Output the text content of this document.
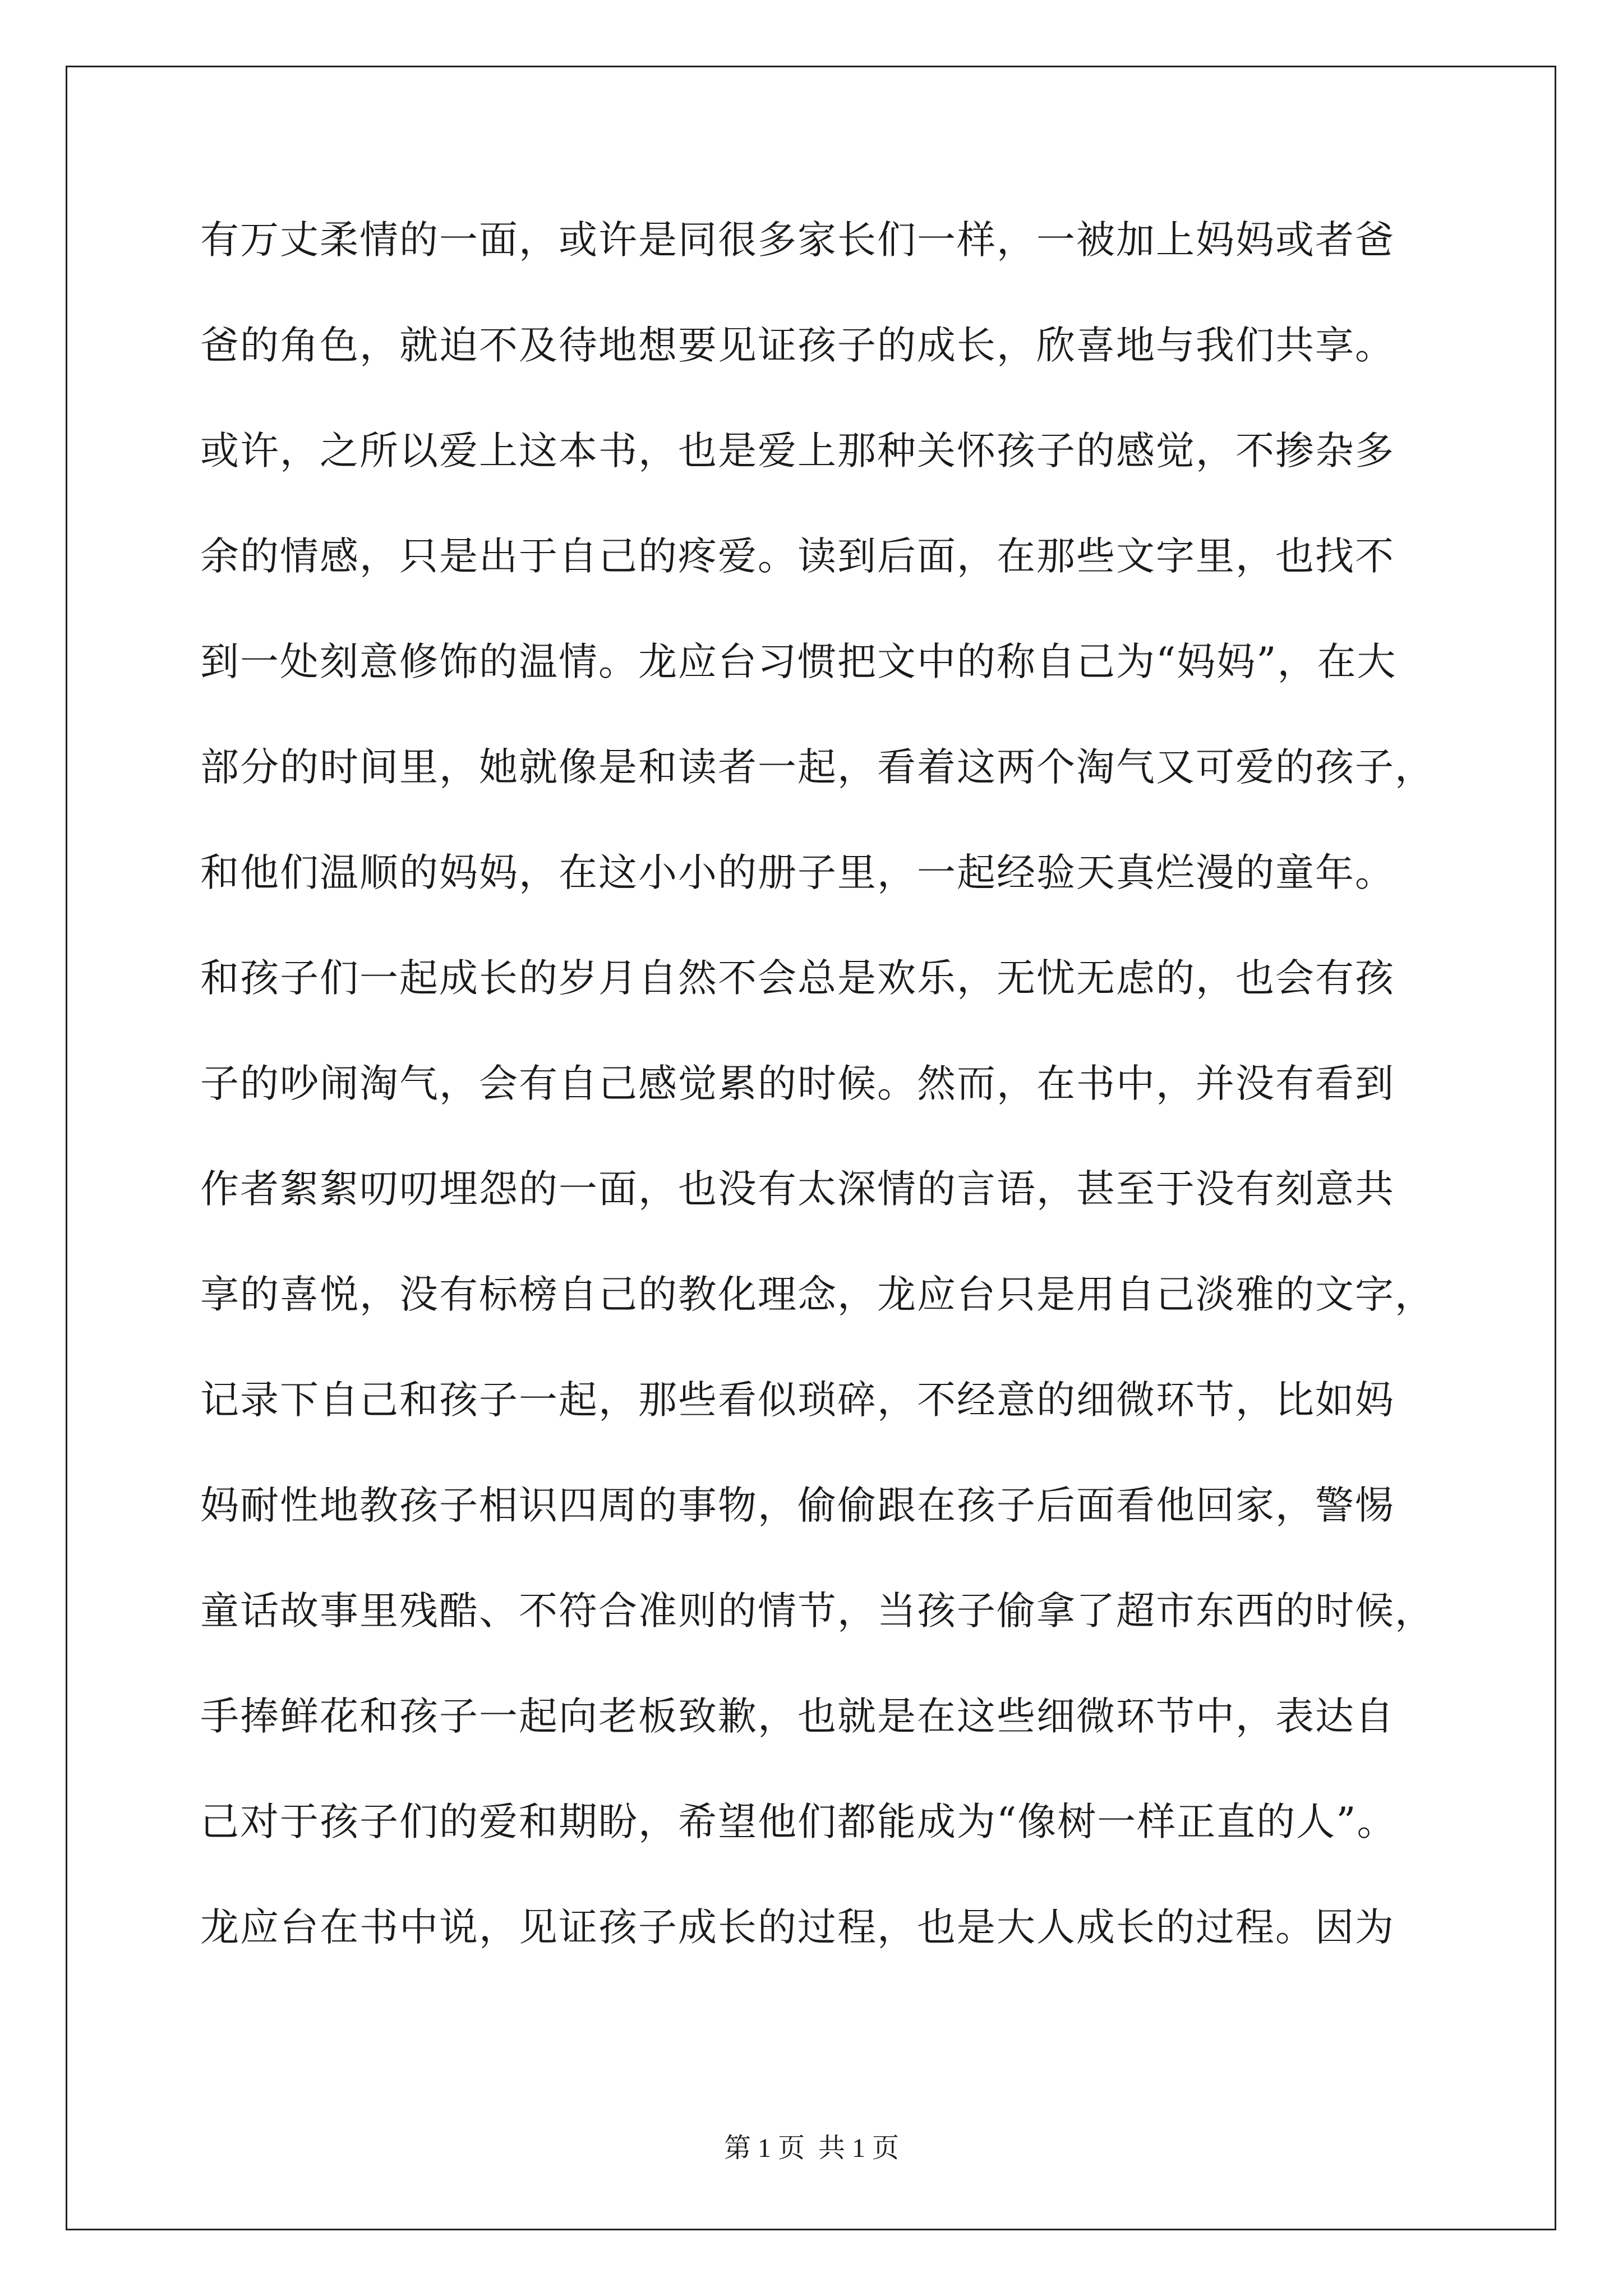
有万丈柔情的一面，或许是同很多家长们一样，一被加上妈妈或者爸
爸的角色，就迫不及待地想要见证孩子的成长，欣喜地与我们共享。
或许，之所以爱上这本书，也是爱上那种关怀孩子的感觉，不掺杂多
余的情感，只是出于自己的疼爱。读到后面，在那些文字里，也找不
到一处刻意修饰的温情。龙应台习惯把文中的称自己为“妈妈”，在大
部分的时间里，她就像是和读者一起，看着这两个淘气又可爱的孩子，
和他们温顺的妈妈，在这小小的册子里，一起经验天真烂漫的童年。
和孩子们一起成长的岁月自然不会总是欢乐，无忧无虑的，也会有孩
子的吵闹淘气，会有自己感觉累的时候。然而，在书中，并没有看到
作者絮絮叨叨埋怨的一面，也没有太深情的言语，甚至于没有刻意共
享的喜悦，没有标榜自己的教化理念，龙应台只是用自己淡雅的文字，
记录下自己和孩子一起，那些看似琐碎，不经意的细微环节，比如妈
妈耐性地教孩子相识四周的事物，偷偷跟在孩子后面看他回家，警惕
童话故事里残酷、不符合准则的情节，当孩子偷拿了超市东西的时候，
手捧鲜花和孩子一起向老板致歉，也就是在这些细微环节中，表达自
己对于孩子们的爱和期盼，希望他们都能成为“像树一样正直的人”。
龙应台在书中说，见证孩子成长的过程，也是大人成长的过程。因为
第 1 页 共 1 页
